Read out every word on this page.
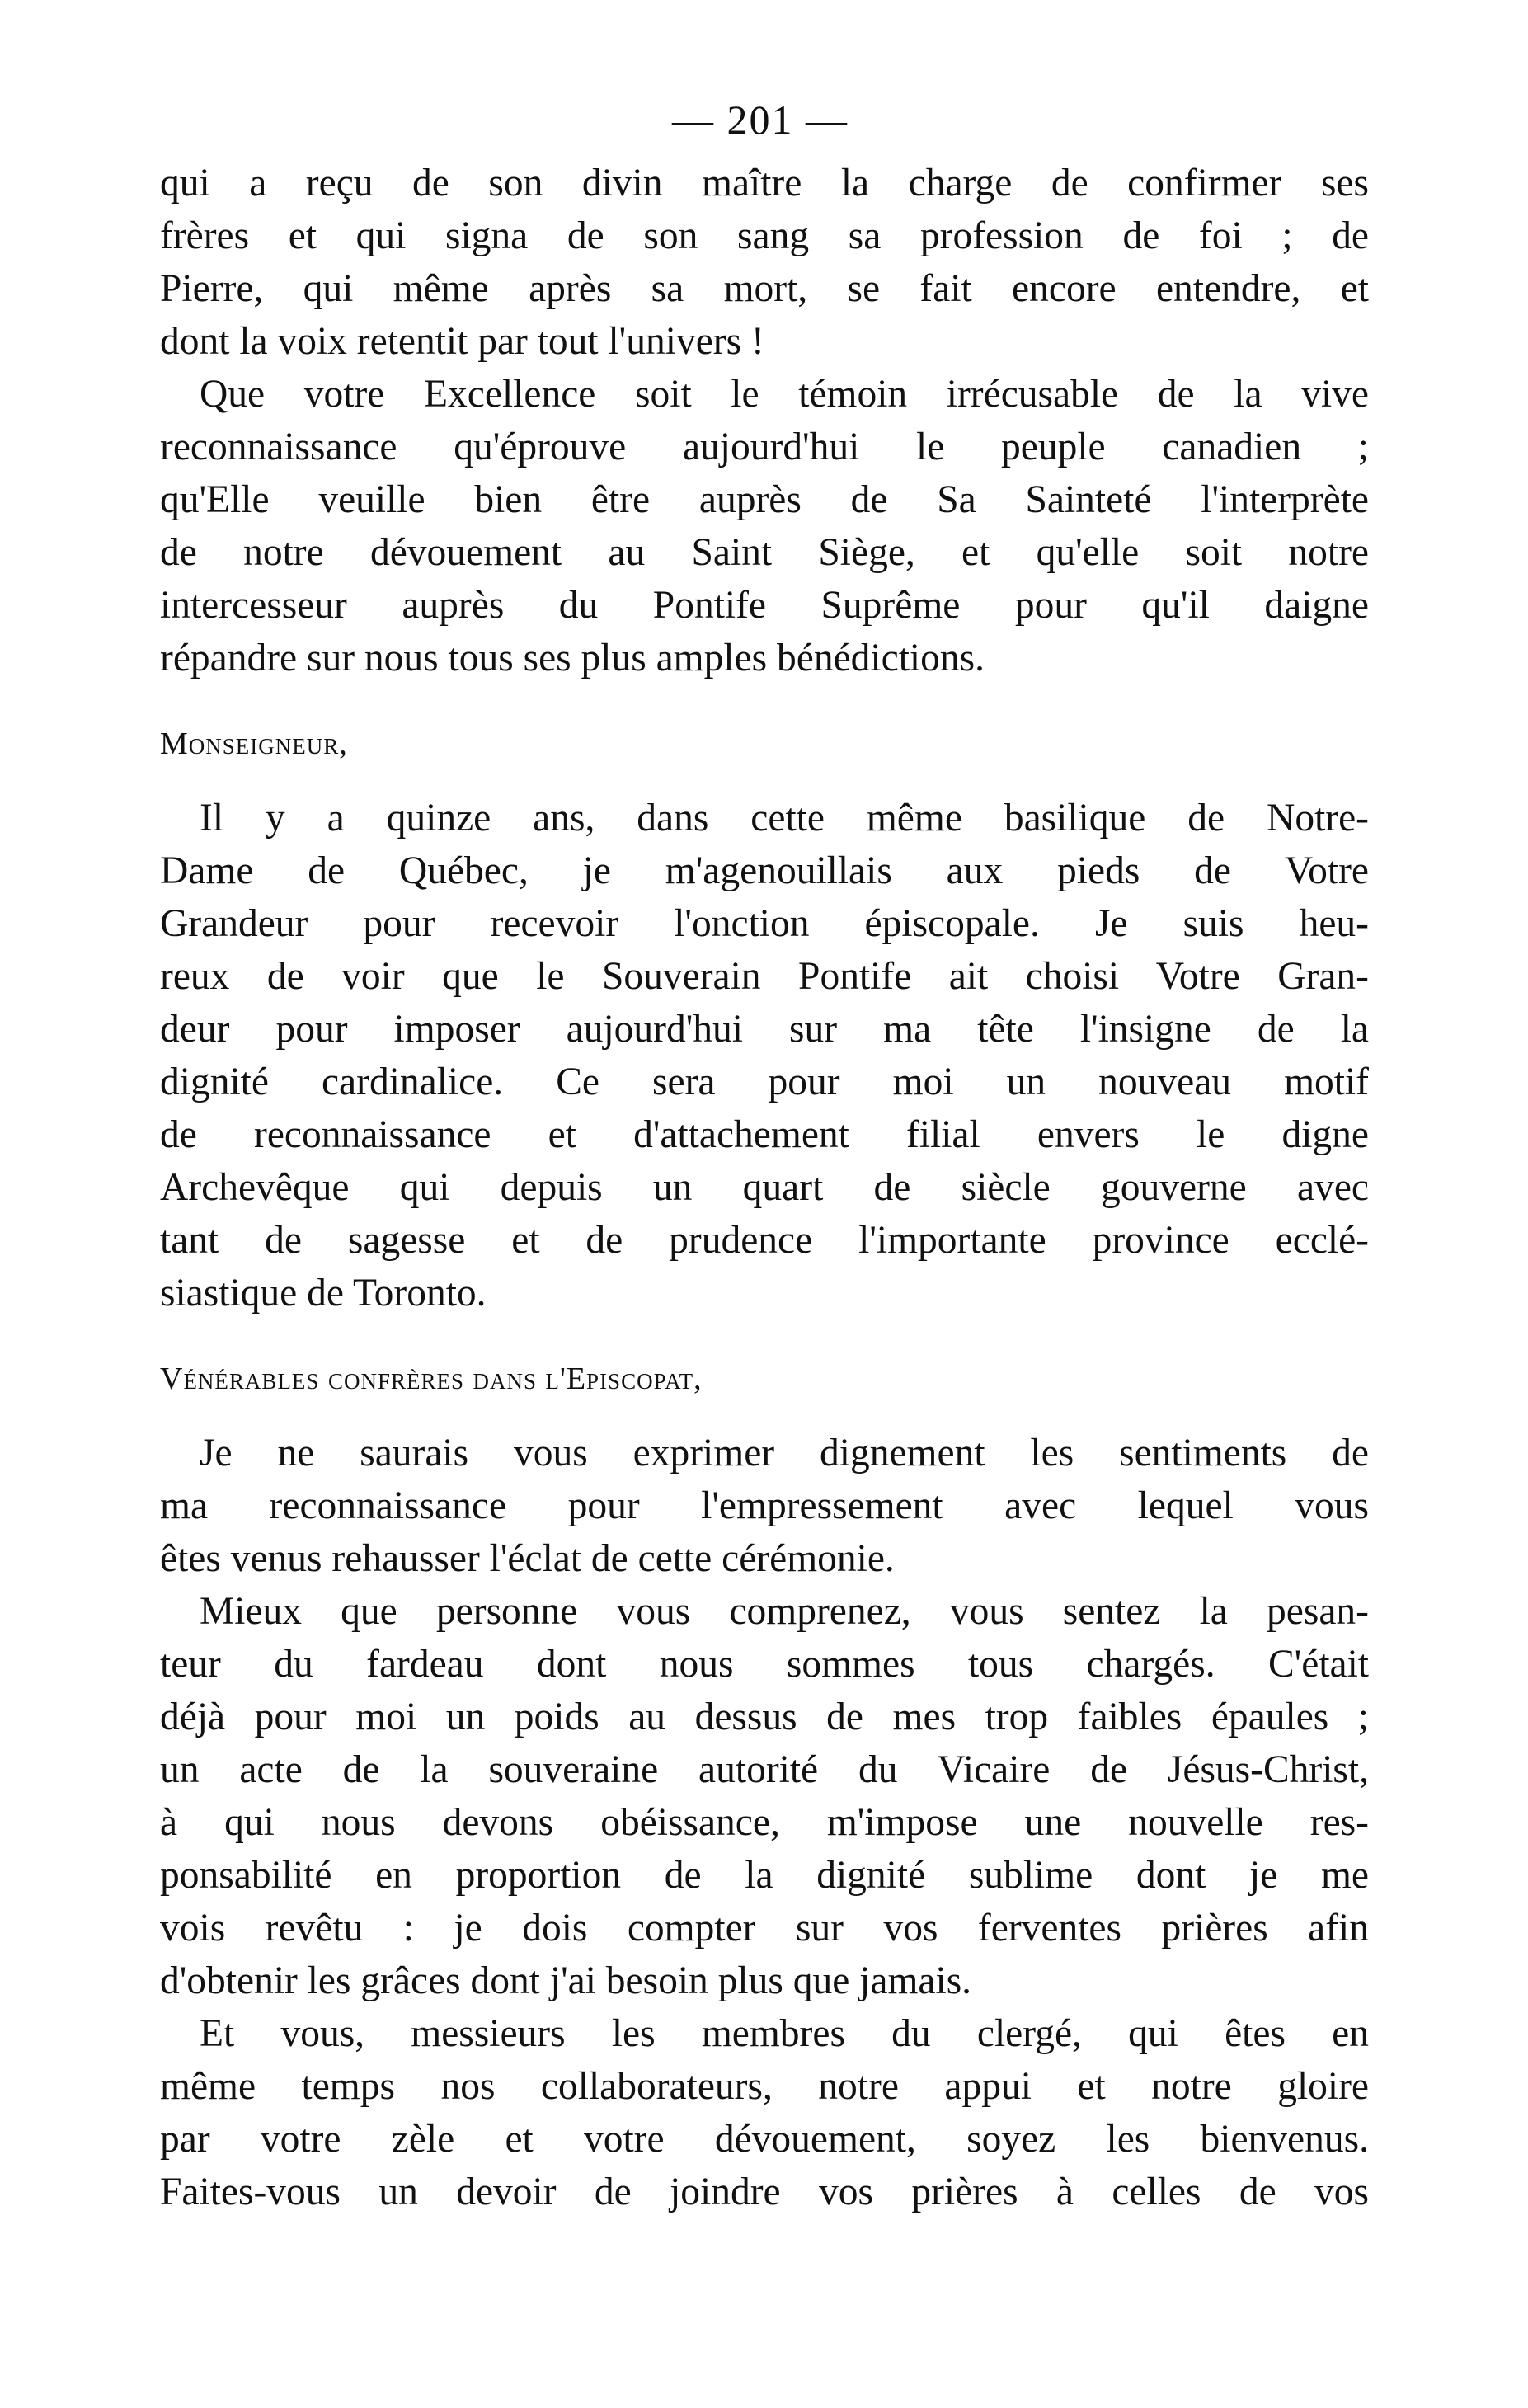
— 201 —
qui a reçu de son divin maître la charge de confirmer ses
frères et qui signa de son sang sa profession de foi ; de
Pierre, qui même après sa mort, se fait encore entendre, et
dont la voix retentit par tout l'univers !
Que votre Excellence soit le témoin irrécusable de la vive
reconnaissance qu'éprouve aujourd'hui le peuple canadien ;
qu'Elle veuille bien être auprès de Sa Sainteté l'interprète
de notre dévouement au Saint Siège, et qu'elle soit notre
intercesseur auprès du Pontife Suprême pour qu'il daigne
répandre sur nous tous ses plus amples bénédictions.
Monseigneur,
Il y a quinze ans, dans cette même basilique de Notre-
Dame de Québec, je m'agenouillais aux pieds de Votre
Grandeur pour recevoir l'onction épiscopale. Je suis heu-
reux de voir que le Souverain Pontife ait choisi Votre Gran-
deur pour imposer aujourd'hui sur ma tête l'insigne de la
dignité cardinalice. Ce sera pour moi un nouveau motif
de reconnaissance et d'attachement filial envers le digne
Archevêque qui depuis un quart de siècle gouverne avec
tant de sagesse et de prudence l'importante province ecclé-
siastique de Toronto.
Vénérables confrères dans l'Episcopat,
Je ne saurais vous exprimer dignement les sentiments de
ma reconnaissance pour l'empressement avec lequel vous
êtes venus rehausser l'éclat de cette cérémonie.
Mieux que personne vous comprenez, vous sentez la pesan-
teur du fardeau dont nous sommes tous chargés. C'était
déjà pour moi un poids au dessus de mes trop faibles épaules ;
un acte de la souveraine autorité du Vicaire de Jésus-Christ,
à qui nous devons obéissance, m'impose une nouvelle res-
ponsabilité en proportion de la dignité sublime dont je me
vois revêtu : je dois compter sur vos ferventes prières afin
d'obtenir les grâces dont j'ai besoin plus que jamais.
Et vous, messieurs les membres du clergé, qui êtes en
même temps nos collaborateurs, notre appui et notre gloire
par votre zèle et votre dévouement, soyez les bienvenus.
Faites-vous un devoir de joindre vos prières à celles de vos
